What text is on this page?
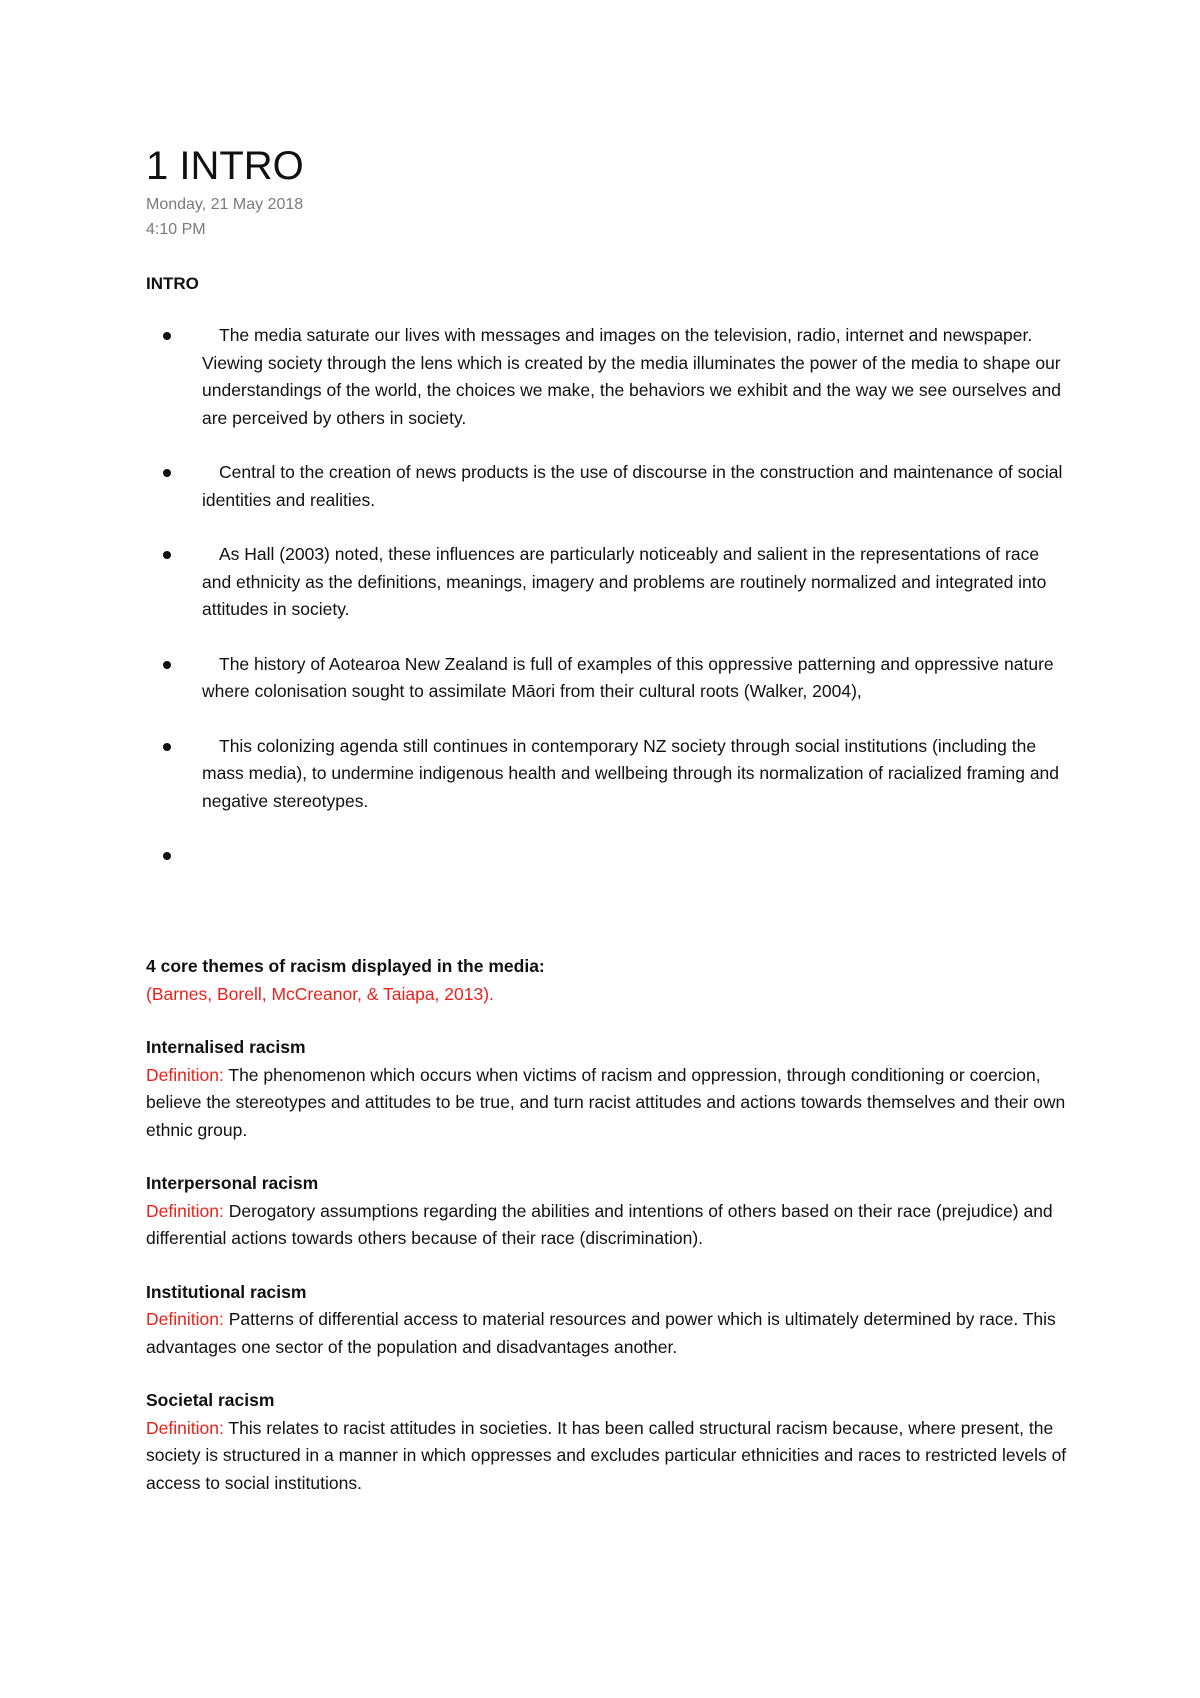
1 INTRO
Monday, 21 May 2018
4:10 PM
INTRO
The media saturate our lives with messages and images on the television, radio, internet and newspaper. Viewing society through the lens which is created by the media illuminates the power of the media to shape our understandings of the world, the choices we make, the behaviors we exhibit and the way we see ourselves and are perceived by others in society.
Central to the creation of news products is the use of discourse in the construction and maintenance of social identities and realities.
As Hall (2003) noted, these influences are particularly noticeably and salient in the representations of race and ethnicity as the definitions, meanings, imagery and problems are routinely normalized and integrated into attitudes in society.
The history of Aotearoa New Zealand is full of examples of this oppressive patterning and oppressive nature where colonisation sought to assimilate Māori from their cultural roots (Walker, 2004),
This colonizing agenda still continues in contemporary NZ society through social institutions (including the mass media), to undermine indigenous health and wellbeing through its normalization of racialized framing and negative stereotypes.
4 core themes of racism displayed in the media:
(Barnes, Borell, McCreanor, & Taiapa, 2013).
Internalised racism

Definition: The phenomenon which occurs when victims of racism and oppression, through conditioning or coercion, believe the stereotypes and attitudes to be true, and turn racist attitudes and actions towards themselves and their own ethnic group.

Interpersonal racism

Definition: Derogatory assumptions regarding the abilities and intentions of others based on their race (prejudice) and differential actions towards others because of their race (discrimination).

Institutional racism

Definition: Patterns of differential access to material resources and power which is ultimately determined by race. This advantages one sector of the population and disadvantages another.

Societal racism

Definition: This relates to racist attitudes in societies. It has been called structural racism because, where present, the society is structured in a manner in which oppresses and excludes particular ethnicities and races to restricted levels of access to social institutions.
